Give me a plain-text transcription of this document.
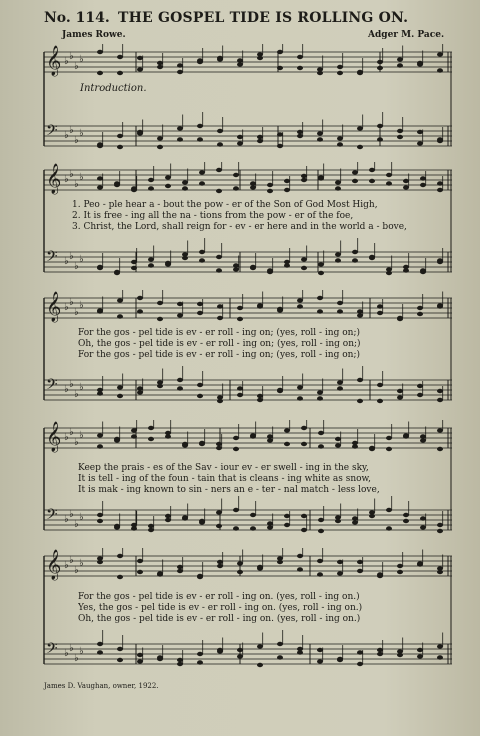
No. 114. THE GOSPEL TIDE IS ROLLING ON.
James Rowe.	Adger M. Pace.
𝄞 ♭ ♭
♭
♭
𝄢 ♭ ♭
♭
♭
Introduction.
𝄞 ♭ ♭
♭
♭
𝄢 ♭ ♭
♭
♭
1. Peo - ple hear a - bout the pow - er of the Son of God Most High,
2. It is free - ing all the na - tions from the pow - er of the foe,
3. Christ, the Lord, shall reign for - ev - er here and in the world a - bove,
𝄞 ♭ ♭
♭
♭
𝄢 ♭ ♭
♭
♭
For the gos - pel tide is ev - er roll - ing on; (yes, roll - ing on;)
Oh, the gos - pel tide is ev - er roll - ing on; (yes, roll - ing on;)
For the gos - pel tide is ev - er roll - ing on; (yes, roll - ing on;)
𝄞 ♭ ♭
♭
♭
𝄢 ♭ ♭
♭
♭
Keep the prais - es of the Sav - iour ev - er swell - ing in the sky,
It is tell - ing of the foun - tain that is cleans - ing white as snow,
It is mak - ing known to sin - ners an e - ter - nal match - less love,
𝄞 ♭ ♭
♭
♭
𝄢 ♭ ♭
♭
♭
For the gos - pel tide is ev - er roll - ing on. (yes, roll - ing on.)
Yes, the gos - pel tide is ev - er roll - ing on. (yes, roll - ing on.)
Oh, the gos - pel tide is ev - er roll - ing on. (yes, roll - ing on.)
James D. Vaughan, owner, 1922.
